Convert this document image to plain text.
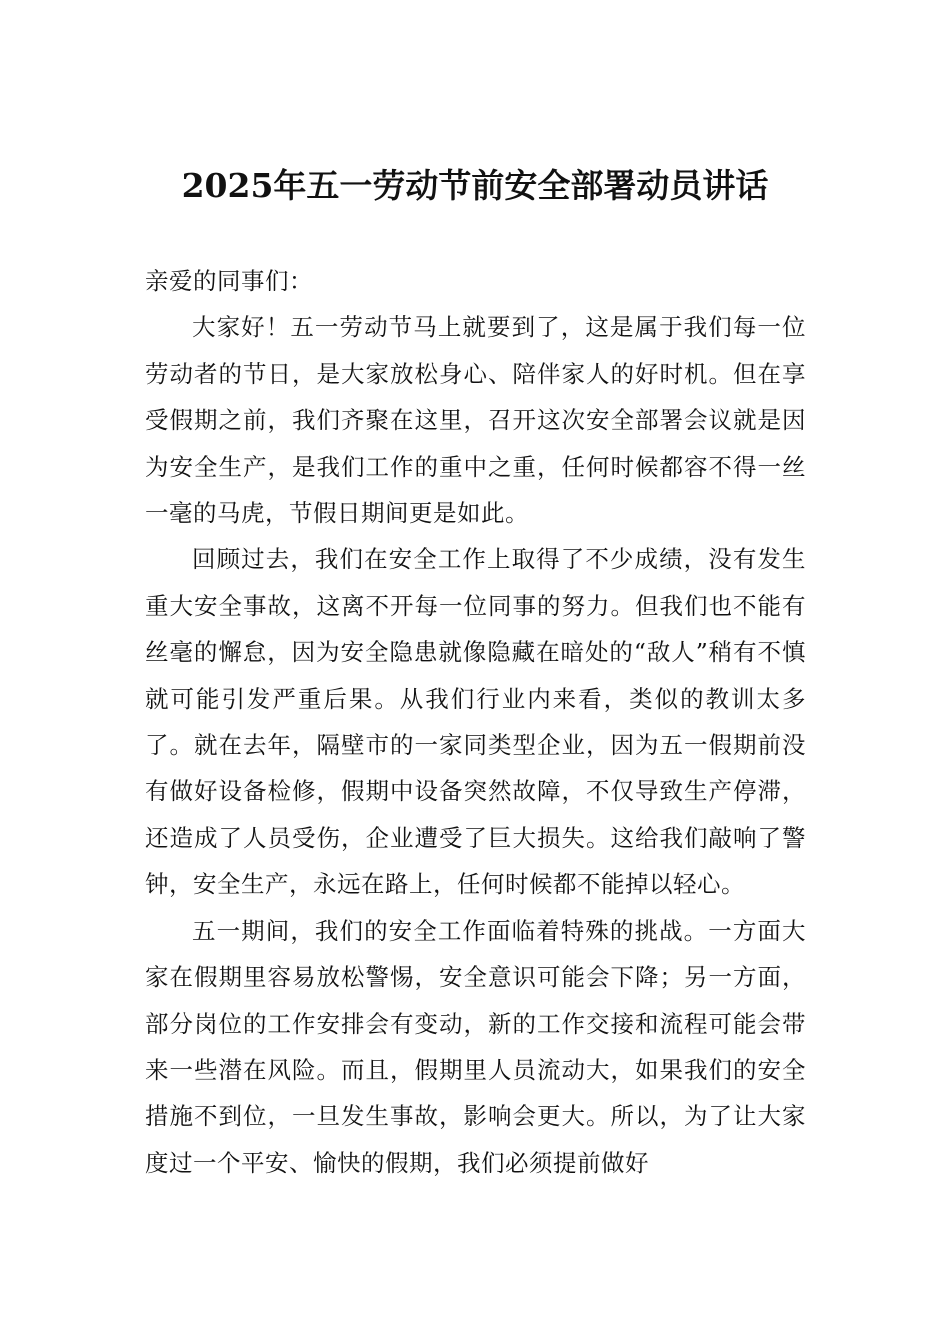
2025年五一劳动节前安全部署动员讲话

亲爱的同事们：

大家好！五一劳动节马上就要到了，这是属于我们每一位劳动者的节日，是大家放松身心、陪伴家人的好时机。但在享受假期之前，我们齐聚在这里，召开这次安全部署会议就是因为安全生产，是我们工作的重中之重，任何时候都容不得一丝一毫的马虎，节假日期间更是如此。

回顾过去，我们在安全工作上取得了不少成绩，没有发生重大安全事故，这离不开每一位同事的努力。但我们也不能有丝毫的懈怠，因为安全隐患就像隐藏在暗处的“敌人”稍有不慎就可能引发严重后果。从我们行业内来看，类似的教训太多了。就在去年，隔壁市的一家同类型企业，因为五一假期前没有做好设备检修，假期中设备突然故障，不仅导致生产停滞，还造成了人员受伤，企业遭受了巨大损失。这给我们敲响了警钟，安全生产，永远在路上，任何时候都不能掉以轻心。

五一期间，我们的安全工作面临着特殊的挑战。一方面大家在假期里容易放松警惕，安全意识可能会下降；另一方面，部分岗位的工作安排会有变动，新的工作交接和流程可能会带来一些潜在风险。而且，假期里人员流动大，如果我们的安全措施不到位，一旦发生事故，影响会更大。所以，为了让大家度过一个平安、愉快的假期，我们必须提前做好
